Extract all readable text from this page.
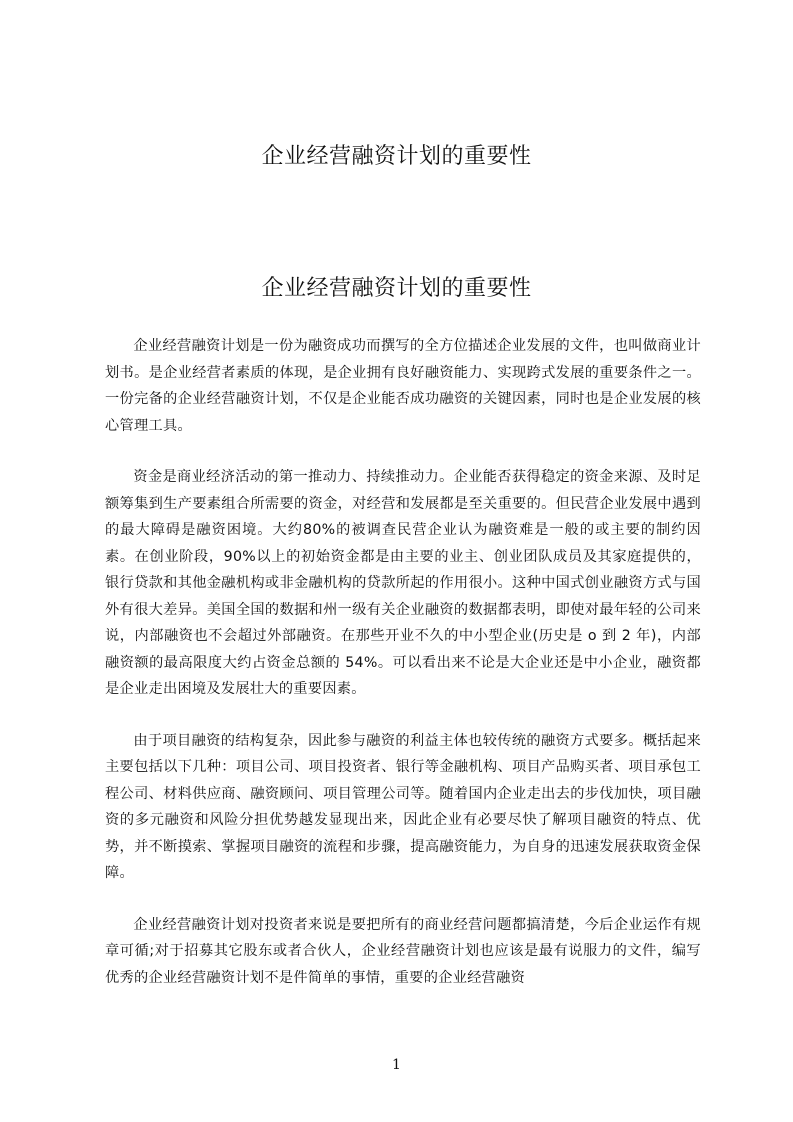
企业经营融资计划的重要性
企业经营融资计划的重要性

企业经营融资计划是一份为融资成功而撰写的全方位描述企业发展的文件，也叫做商业计划书。是企业经营者素质的体现，是企业拥有良好融资能力、实现跨式发展的重要条件之一。一份完备的企业经营融资计划，不仅是企业能否成功融资的关键因素，同时也是企业发展的核心管理工具。

资金是商业经济活动的第一推动力、持续推动力。企业能否获得稳定的资金来源、及时足额筹集到生产要素组合所需要的资金，对经营和发展都是至关重要的。但民营企业发展中遇到的最大障碍是融资困境。大约80%的被调查民营企业认为融资难是一般的或主要的制约因素。在创业阶段，90%以上的初始资金都是由主要的业主、创业团队成员及其家庭提供的，银行贷款和其他金融机构或非金融机构的贷款所起的作用很小。这种中国式创业融资方式与国外有很大差异。美国全国的数据和州一级有关企业融资的数据都表明，即使对最年轻的公司来说，内部融资也不会超过外部融资。在那些开业不久的中小型企业(历史是 o 到 2 年)，内部融资额的最高限度大约占资金总额的 54%。可以看出来不论是大企业还是中小企业，融资都是企业走出困境及发展壮大的重要因素。

由于项目融资的结构复杂，因此参与融资的利益主体也较传统的融资方式要多。概括起来主要包括以下几种：项目公司、项目投资者、银行等金融机构、项目产品购买者、项目承包工程公司、材料供应商、融资顾问、项目管理公司等。随着国内企业走出去的步伐加快，项目融资的多元融资和风险分担优势越发显现出来，因此企业有必要尽快了解项目融资的特点、优势，并不断摸索、掌握项目融资的流程和步骤，提高融资能力，为自身的迅速发展获取资金保障。

企业经营融资计划对投资者来说是要把所有的商业经营问题都搞清楚，今后企业运作有规章可循;对于招募其它股东或者合伙人，企业经营融资计划也应该是最有说服力的文件，编写优秀的企业经营融资计划不是件简单的事情，重要的企业经营融资

1
